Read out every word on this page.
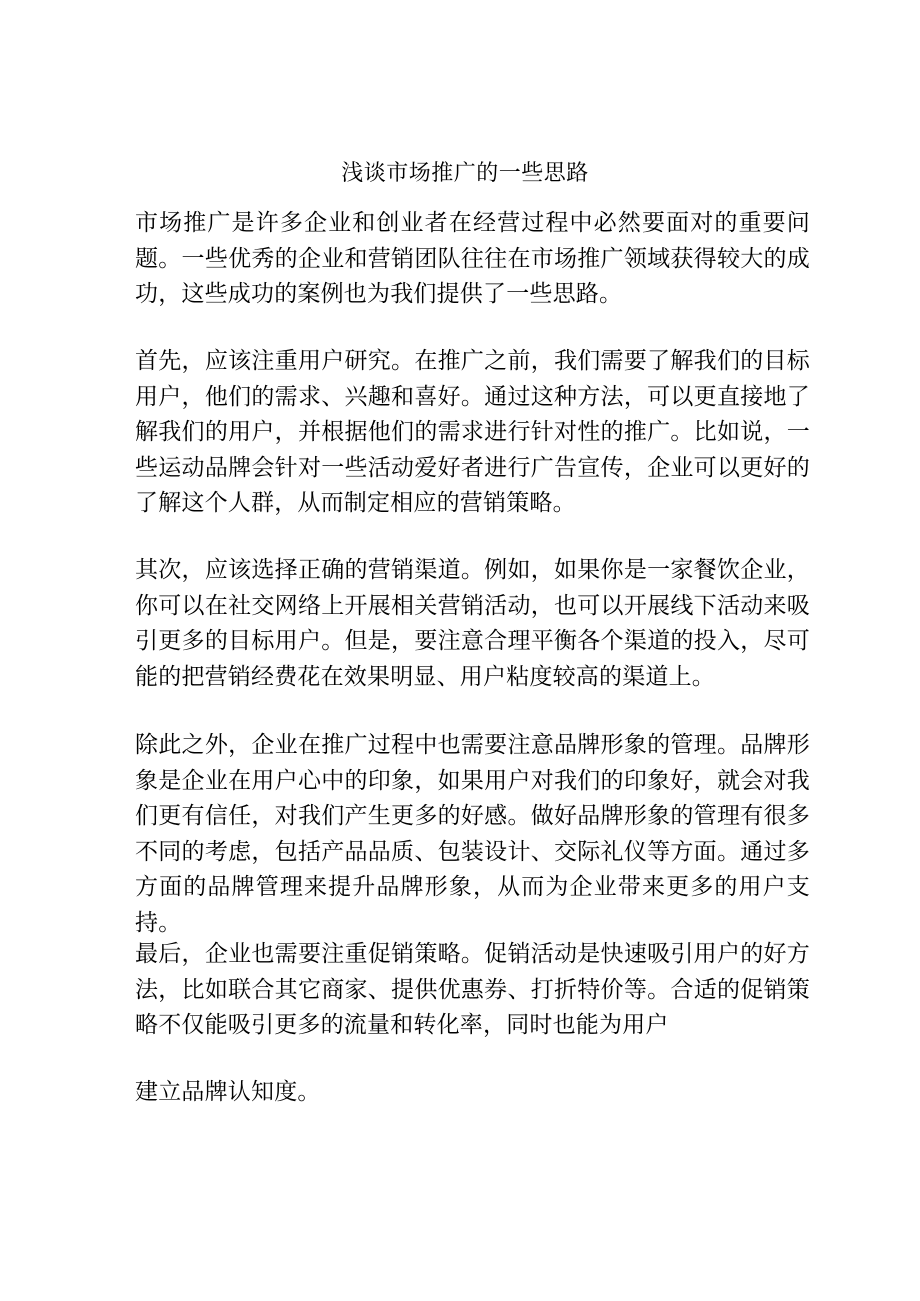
浅谈市场推广的一些思路

市场推广是许多企业和创业者在经营过程中必然要面对的重要问题。一些优秀的企业和营销团队往往在市场推广领域获得较大的成功，这些成功的案例也为我们提供了一些思路。

首先，应该注重用户研究。在推广之前，我们需要了解我们的目标用户，他们的需求、兴趣和喜好。通过这种方法，可以更直接地了解我们的用户，并根据他们的需求进行针对性的推广。比如说，一些运动品牌会针对一些活动爱好者进行广告宣传，企业可以更好的了解这个人群，从而制定相应的营销策略。

其次，应该选择正确的营销渠道。例如，如果你是一家餐饮企业，你可以在社交网络上开展相关营销活动，也可以开展线下活动来吸引更多的目标用户。但是，要注意合理平衡各个渠道的投入，尽可能的把营销经费花在效果明显、用户粘度较高的渠道上。

除此之外，企业在推广过程中也需要注意品牌形象的管理。品牌形象是企业在用户心中的印象，如果用户对我们的印象好，就会对我们更有信任，对我们产生更多的好感。做好品牌形象的管理有很多不同的考虑，包括产品品质、包装设计、交际礼仪等方面。通过多方面的品牌管理来提升品牌形象，从而为企业带来更多的用户支持。

最后，企业也需要注重促销策略。促销活动是快速吸引用户的好方法，比如联合其它商家、提供优惠券、打折特价等。合适的促销策略不仅能吸引更多的流量和转化率，同时也能为用户

建立品牌认知度。
